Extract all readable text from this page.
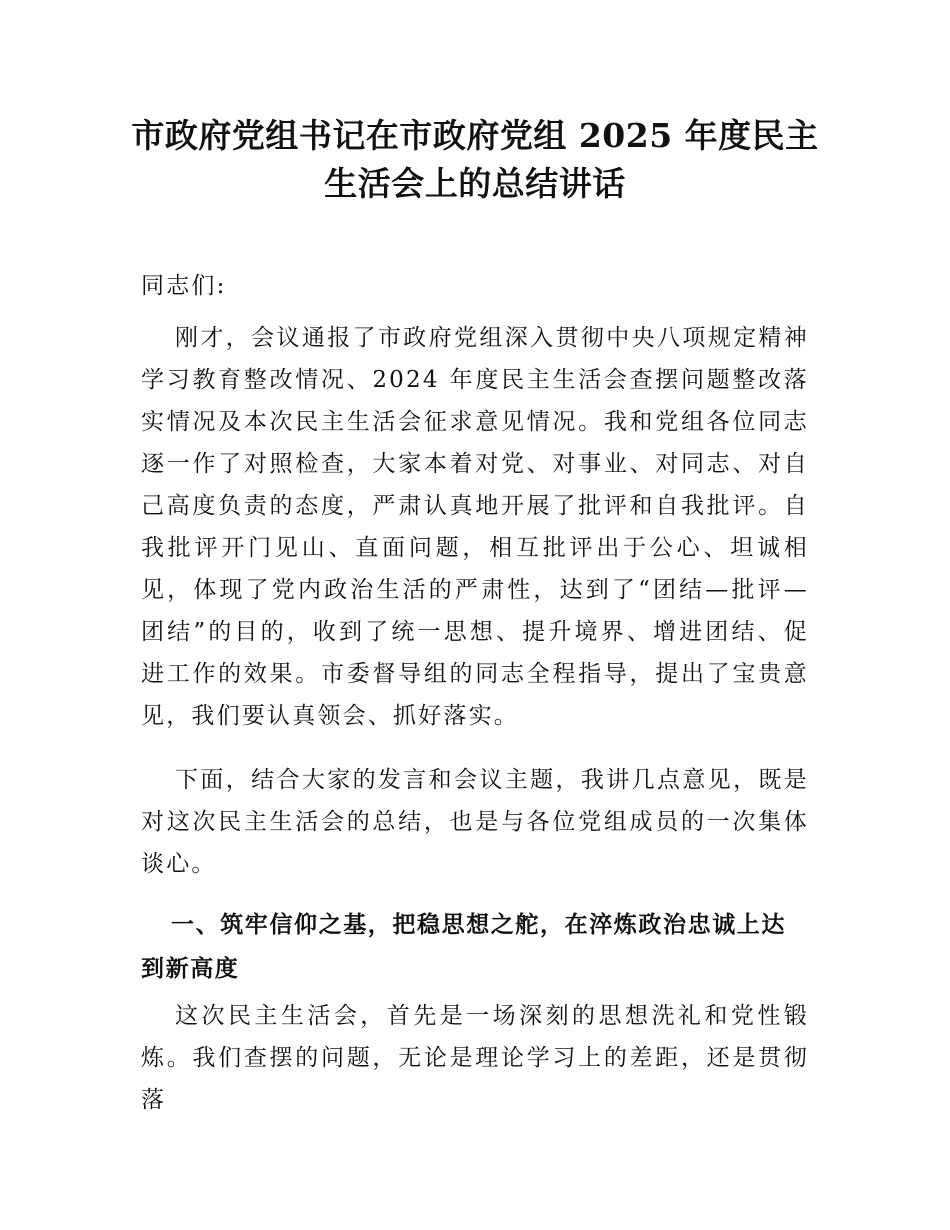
市政府党组书记在市政府党组 2025 年度民主生活会上的总结讲话

同志们:

刚才，会议通报了市政府党组深入贯彻中央八项规定精神学习教育整改情况、2024 年度民主生活会查摆问题整改落实情况及本次民主生活会征求意见情况。我和党组各位同志逐一作了对照检查，大家本着对党、对事业、对同志、对自己高度负责的态度，严肃认真地开展了批评和自我批评。自我批评开门见山、直面问题，相互批评出于公心、坦诚相见，体现了党内政治生活的严肃性，达到了“团结—批评—团结”的目的，收到了统一思想、提升境界、增进团结、促进工作的效果。市委督导组的同志全程指导，提出了宝贵意见，我们要认真领会、抓好落实。

下面，结合大家的发言和会议主题，我讲几点意见，既是对这次民主生活会的总结，也是与各位党组成员的一次集体谈心。

一、筑牢信仰之基，把稳思想之舵，在淬炼政治忠诚上达到新高度

这次民主生活会，首先是一场深刻的思想洗礼和党性锻炼。我们查摆的问题，无论是理论学习上的差距，还是贯彻落
